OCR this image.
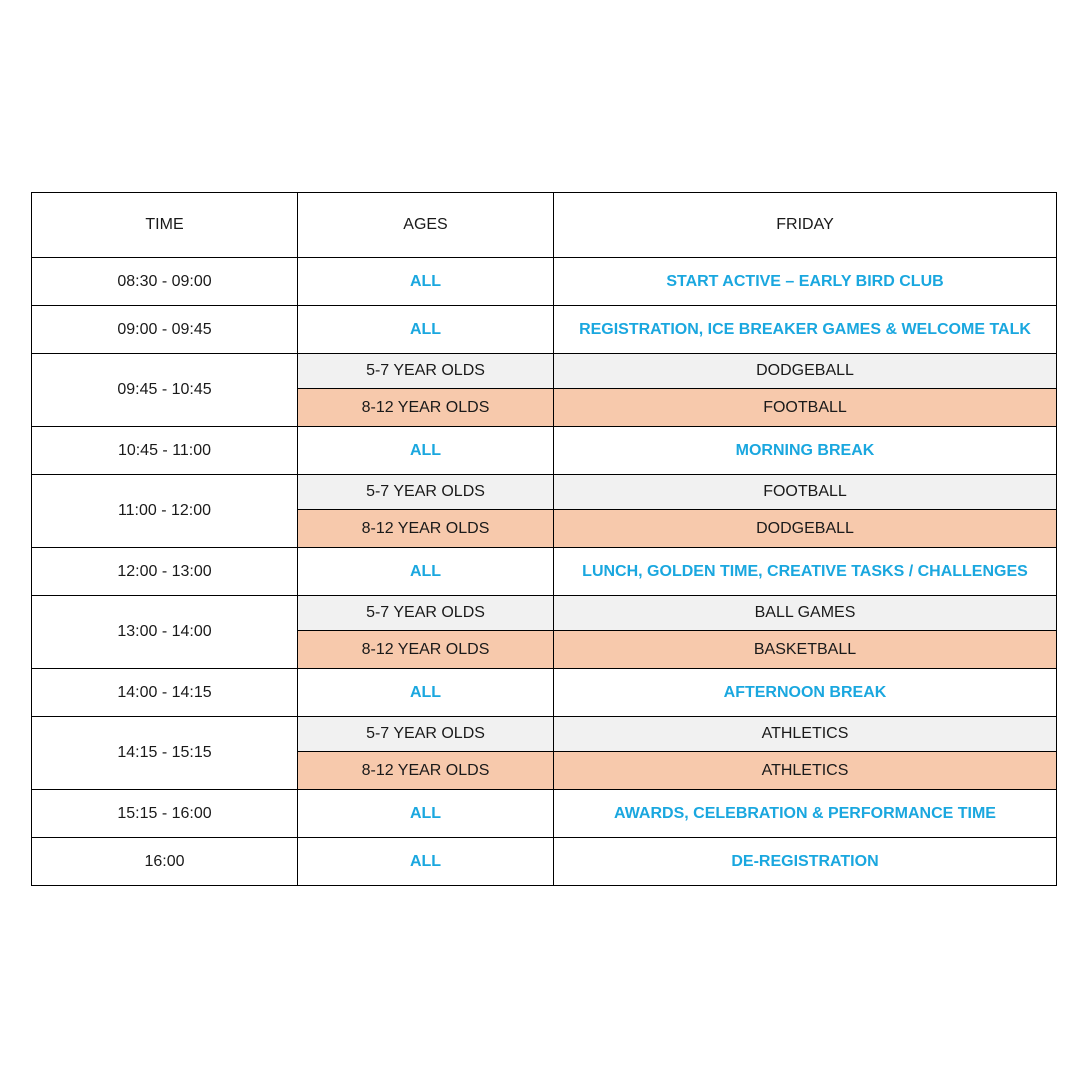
TIME	AGES	FRIDAY
08:30 - 09:00	ALL	START ACTIVE – EARLY BIRD CLUB
09:00 - 09:45	ALL	REGISTRATION, ICE BREAKER GAMES & WELCOME TALK
09:45 - 10:45	5-7 YEAR OLDS	DODGEBALL
	8-12 YEAR OLDS	FOOTBALL
10:45 - 11:00	ALL	MORNING BREAK
11:00 - 12:00	5-7 YEAR OLDS	FOOTBALL
	8-12 YEAR OLDS	DODGEBALL
12:00 - 13:00	ALL	LUNCH, GOLDEN TIME, CREATIVE TASKS / CHALLENGES
13:00 - 14:00	5-7 YEAR OLDS	BALL GAMES
	8-12 YEAR OLDS	BASKETBALL
14:00 - 14:15	ALL	AFTERNOON BREAK
14:15 - 15:15	5-7 YEAR OLDS	ATHLETICS
	8-12 YEAR OLDS	ATHLETICS
15:15 - 16:00	ALL	AWARDS, CELEBRATION & PERFORMANCE TIME
16:00	ALL	DE-REGISTRATION
